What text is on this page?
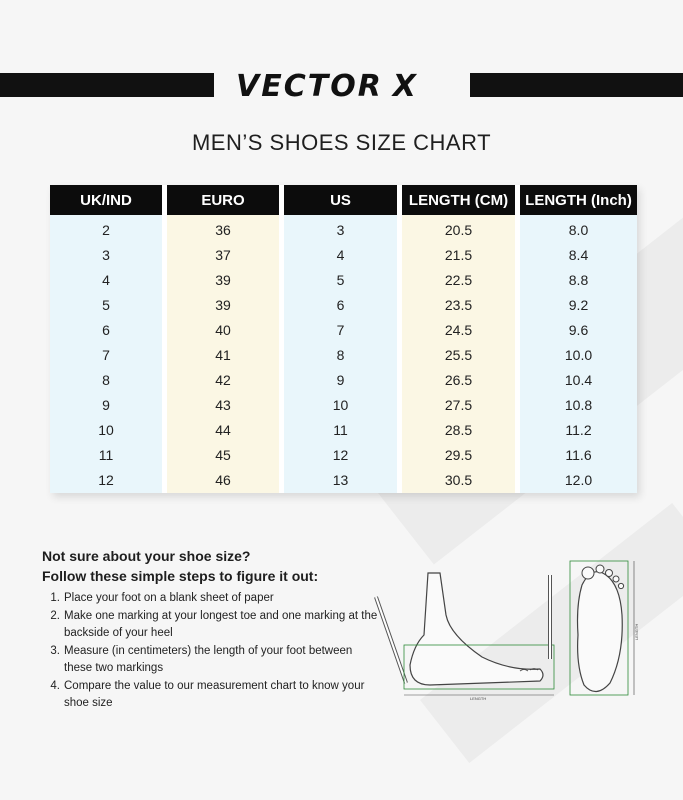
VECTOR X
MEN’S SHOES SIZE CHART
UK/IND
2
3
4
5
6
7
8
9
10
11
12
EURO
36
37
39
39
40
41
42
43
44
45
46
US
3
4
5
6
7
8
9
10
11
12
13
LENGTH (CM)
20.5
21.5
22.5
23.5
24.5
25.5
26.5
27.5
28.5
29.5
30.5
LENGTH (Inch)
8.0
8.4
8.8
9.2
9.6
10.0
10.4
10.8
11.2
11.6
12.0

Not sure about your shoe size?

Follow these simple steps to figure it out:

1. Place your foot on a blank sheet of paper
2. Make one marking at your longest toe and one marking at the backside of your heel
3. Measure (in centimeters) the length of your foot between these two markings
4. Compare the value to our measurement chart to know your shoe size	LENGTH
LENGTH
